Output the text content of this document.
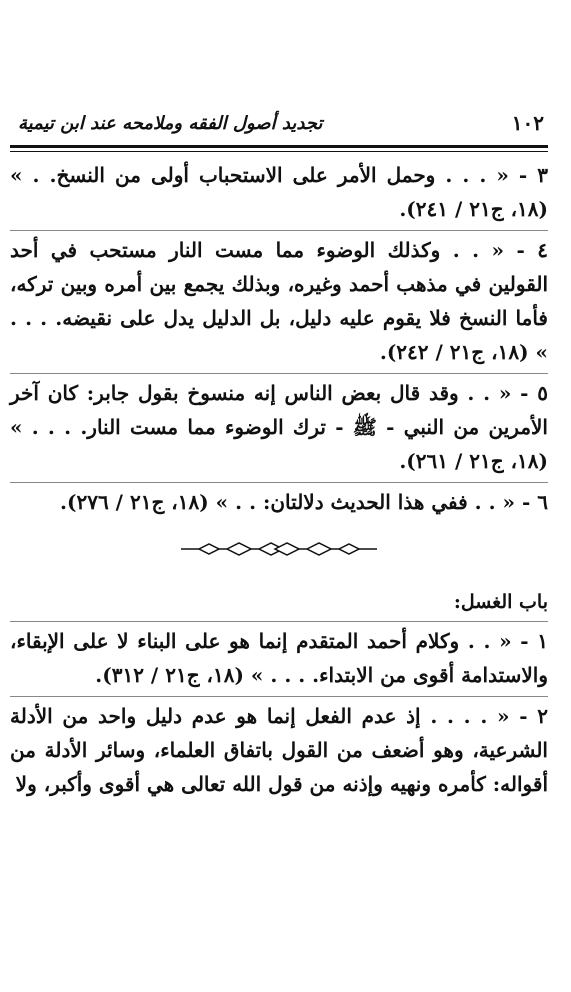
١٠٢
تجديد أصول الفقه وملامحه عند ابن تيمية

٣ - « . . . وحمل الأمر على الاستحباب أولى من النسخ. . » (١٨، ج٢١ / ٢٤١).

٤ - « . . وكذلك الوضوء مما مست النار مستحب في أحد القولين في مذهب أحمد وغيره، وبذلك يجمع بين أمره وبين تركه، فأما النسخ فلا يقوم عليه دليل، بل الدليل يدل على نقيضه. . . . » (١٨، ج٢١ / ٢٤٢).

٥ - « . . وقد قال بعض الناس إنه منسوخ بقول جابر: كان آخر الأمرين من النبي - ﷺ - ترك الوضوء مما مست النار. . . . » (١٨، ج٢١ / ٢٦١).

٦ - « . . ففي هذا الحديث دلالتان: . . » (١٨، ج٢١ / ٢٧٦).

باب الغسل:

١ - « . . وكلام أحمد المتقدم إنما هو على البناء لا على الإبقاء، والاستدامة أقوى من الابتداء. . . . » (١٨، ج٢١ / ٣١٢).

٢ - « . . . . إذ عدم الفعل إنما هو عدم دليل واحد من الأدلة الشرعية، وهو أضعف من القول باتفاق العلماء، وسائر الأدلة من أقواله: كأمره ونهيه وإذنه من قول الله تعالى هي أقوى وأكبر، ولا
